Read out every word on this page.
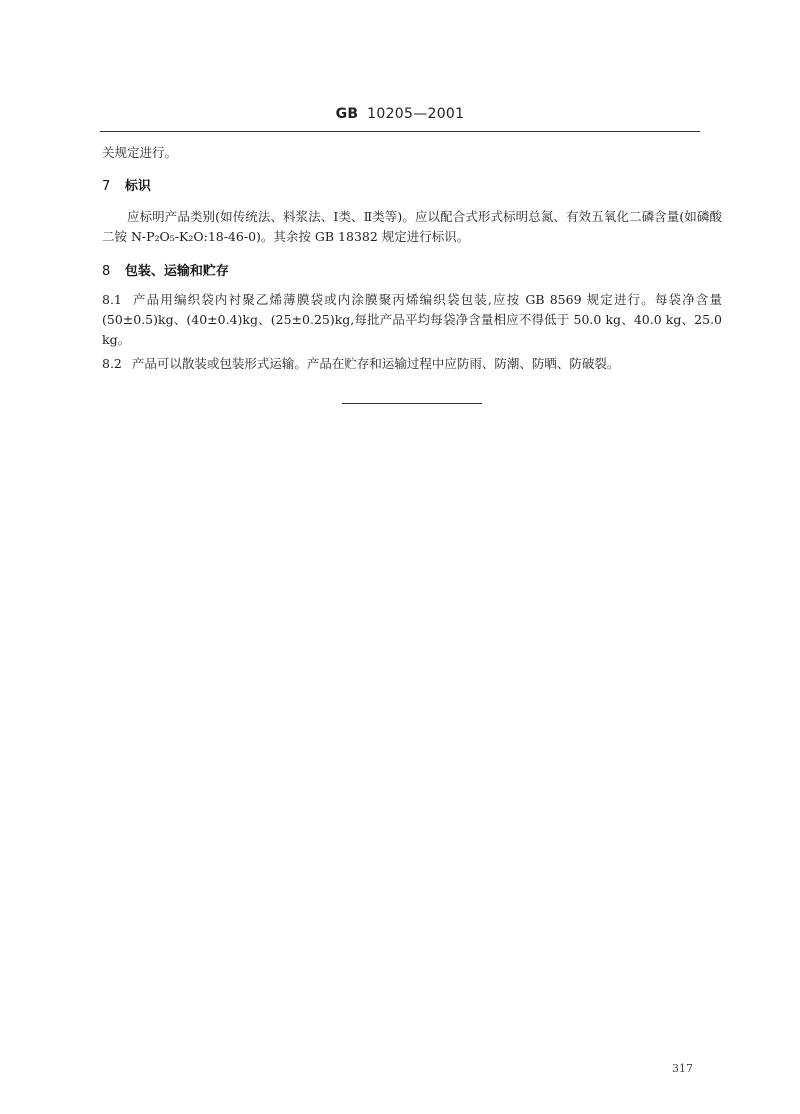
GB 10205—2001
关规定进行。
7 标识
应标明产品类别(如传统法、料浆法、Ⅰ类、Ⅱ类等)。应以配合式形式标明总氮、有效五氧化二磷含量(如磷酸二铵 N-P₂O₅-K₂O:18-46-0)。其余按 GB 18382 规定进行标识。
8 包装、运输和贮存
8.1 产品用编织袋内衬聚乙烯薄膜袋或内涂膜聚丙烯编织袋包装,应按 GB 8569 规定进行。每袋净含量(50±0.5)kg、(40±0.4)kg、(25±0.25)kg,每批产品平均每袋净含量相应不得低于 50.0 kg、40.0 kg、25.0 kg。
8.2 产品可以散装或包装形式运输。产品在贮存和运输过程中应防雨、防潮、防晒、防破裂。
317
